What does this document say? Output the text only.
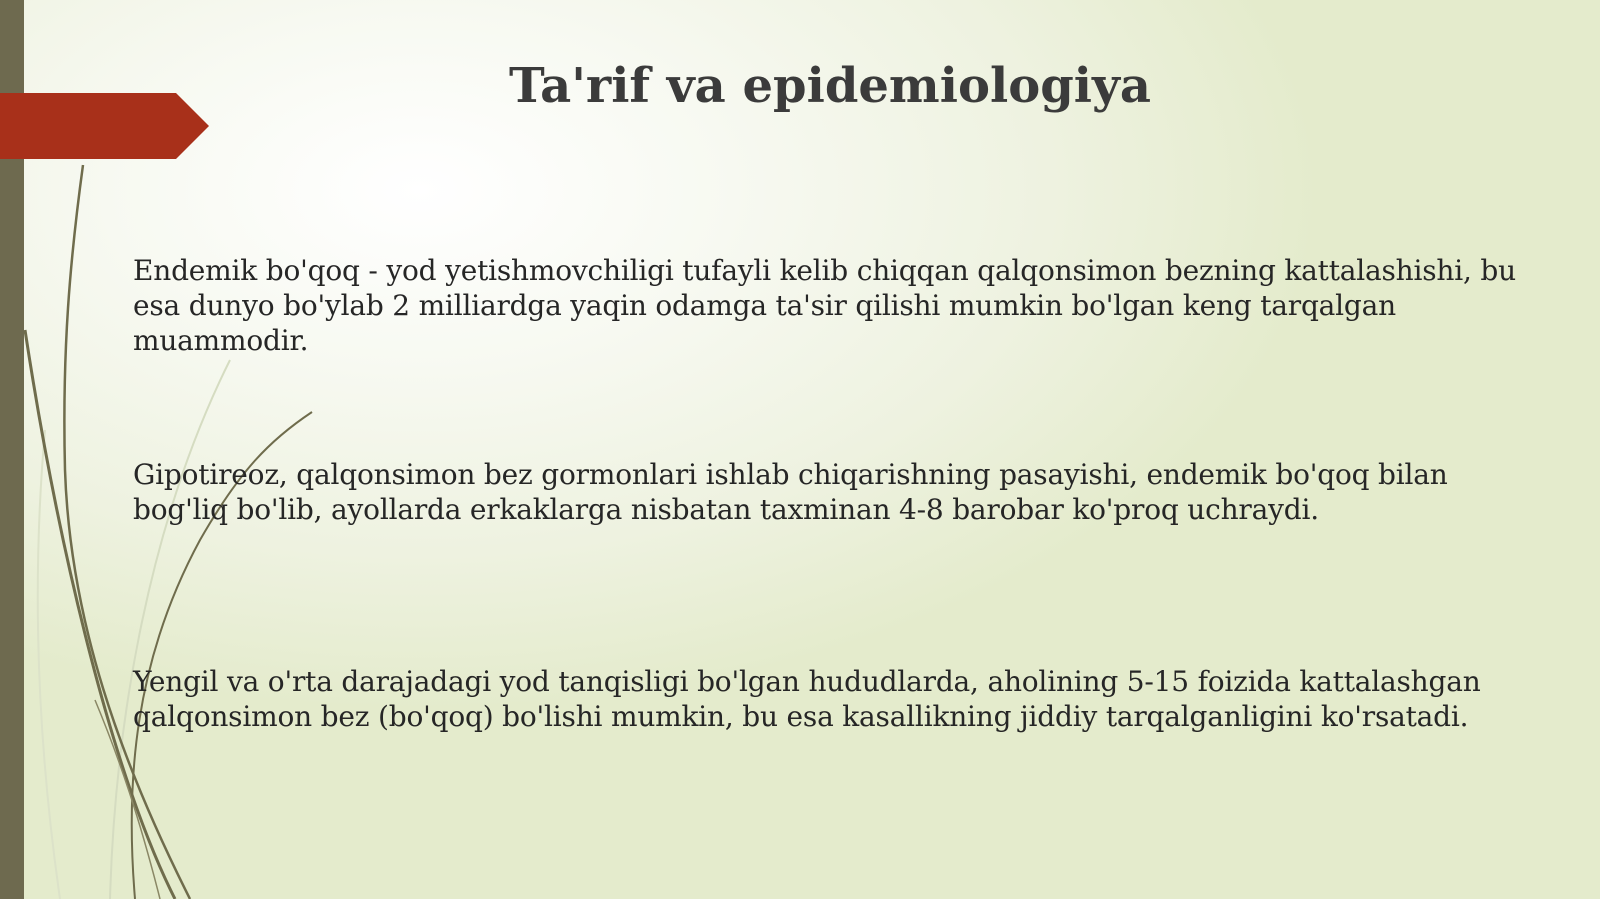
Ta'rif va epidemiologiya

Endemik bo'qoq - yod yetishmovchiligi tufayli kelib chiqqan qalqonsimon bezning kattalashishi, bu esa dunyo bo'ylab 2 milliardga yaqin odamga ta'sir qilishi mumkin bo'lgan keng tarqalgan muammodir.

Gipotireoz, qalqonsimon bez gormonlari ishlab chiqarishning pasayishi, endemik bo'qoq bilan bog'liq bo'lib, ayollarda erkaklarga nisbatan taxminan 4-8 barobar ko'proq uchraydi.

Yengil va o'rta darajadagi yod tanqisligi bo'lgan hududlarda, aholining 5-15 foizida kattalashgan qalqonsimon bez (bo'qoq) bo'lishi mumkin, bu esa kasallikning jiddiy tarqalganligini ko'rsatadi.
